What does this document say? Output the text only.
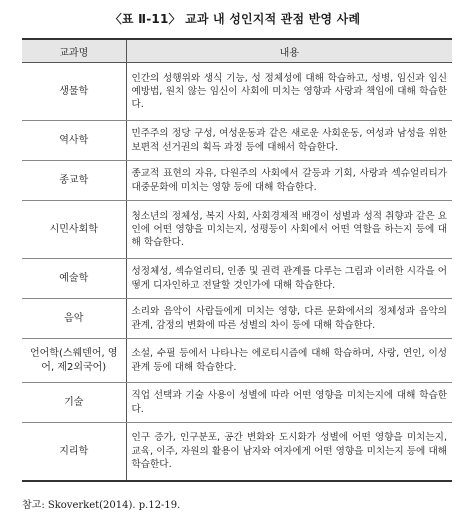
〈표 Ⅱ-11〉 교과 내 성인지적 관점 반영 사례
교과명	내용
생물학	인간의 성행위와 생식 기능, 성 정체성에 대해 학습하고, 성병, 임신과 임신 예방법, 원치 않는 임신이 사회에 미치는 영향과 사랑과 책임에 대해 학습한다.
역사학	민주주의 정당 구성, 여성운동과 같은 새로운 사회운동, 여성과 남성을 위한 보편적 선거권의 획득 과정 등에 대해서 학습한다.
종교학	종교적 표현의 자유, 다원주의 사회에서 갈등과 기회, 사랑과 섹슈얼리티가 대중문화에 미치는 영향 등에 대해 학습한다.
시민사회학	청소년의 정체성, 복지 사회, 사회경제적 배경이 성별과 성적 취향과 같은 요인에 어떤 영향을 미치는지, 성평등이 사회에서 어떤 역할을 하는지 등에 대해 학습한다.
예술학	성정체성, 섹슈얼리티, 인종 및 권력 관계를 다루는 그림과 이러한 시각을 어떻게 디자인하고 전달할 것인가에 대해 학습한다.
음악	소리와 음악이 사람들에게 미치는 영향, 다른 문화에서의 정체성과 음악의 관계, 감정의 변화에 따른 성별의 차이 등에 대해 학습한다.
언어학(스웨덴어, 영어, 제2외국어)	소설, 수필 등에서 나타나는 에로티시즘에 대해 학습하며, 사랑, 연인, 이성관계 등에 대해 학습한다.
기술	직업 선택과 기술 사용이 성별에 따라 어떤 영향을 미치는지에 대해 학습한다.
지리학	인구 증가, 인구분포, 공간 변화와 도시화가 성별에 어떤 영향을 미치는지, 교육, 이주, 자원의 활용이 남자와 여자에게 어떤 영향을 미치는지 등에 대해 학습한다.
참고: Skoverket(2014). p.12-19.
